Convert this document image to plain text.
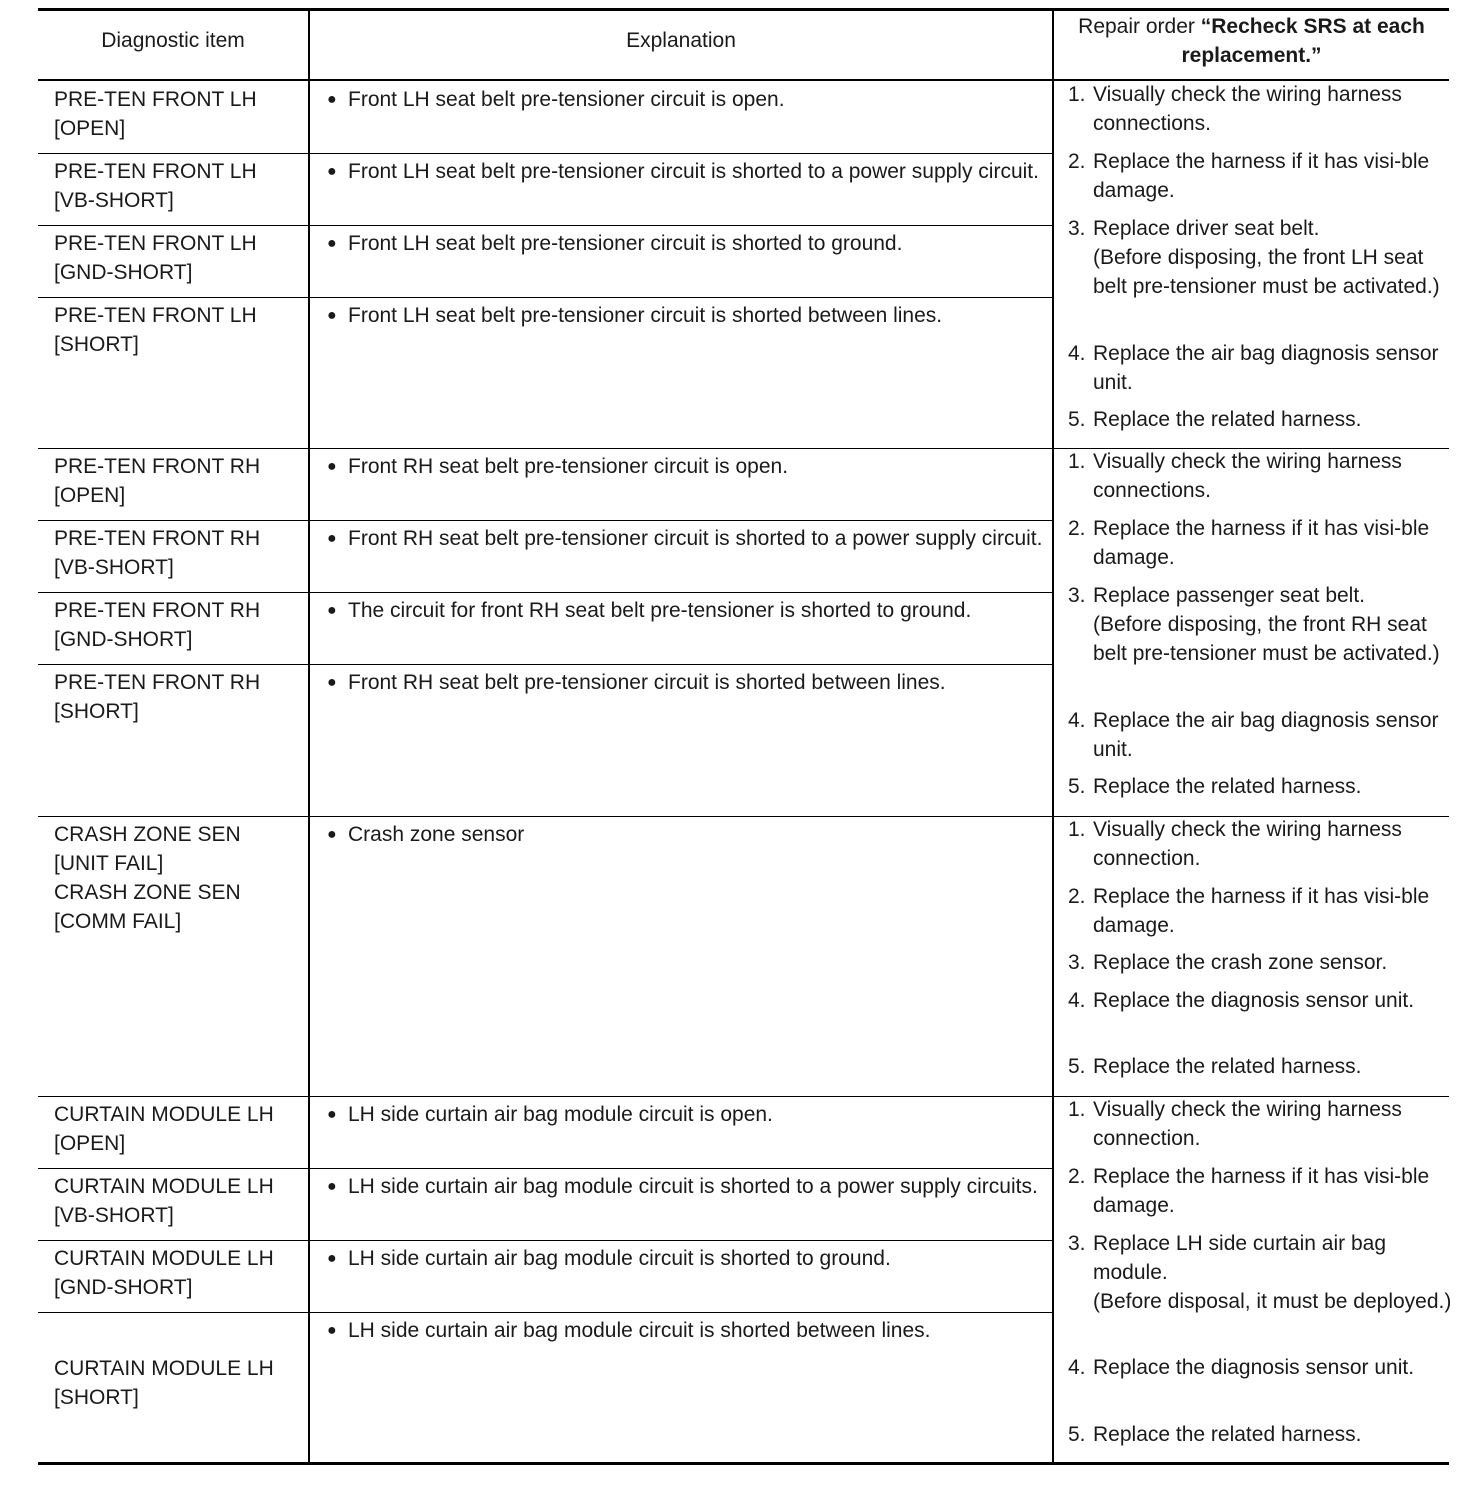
Diagnostic item	Explanation
Repair order “Recheck SRS at each replacement.”
PRE-TEN FRONT LH
[OPEN]
● Front LH seat belt pre-tensioner circuit is open.
PRE-TEN FRONT LH
[VB-SHORT]
● Front LH seat belt pre-tensioner circuit is shorted to a power supply circuit.
PRE-TEN FRONT LH
[GND-SHORT]
● Front LH seat belt pre-tensioner circuit is shorted to ground.
PRE-TEN FRONT LH
[SHORT]
● Front LH seat belt pre-tensioner circuit is shorted between lines.
1. Visually check the wiring harness connections.
2. Replace the harness if it has visi-ble damage.
3. Replace driver seat belt.
(Before disposing, the front LH seat belt pre-tensioner must be activated.)
4. Replace the air bag diagnosis sensor unit.
5. Replace the related harness.
PRE-TEN FRONT RH
[OPEN]
● Front RH seat belt pre-tensioner circuit is open.
PRE-TEN FRONT RH
[VB-SHORT]
● Front RH seat belt pre-tensioner circuit is shorted to a power supply circuit.
PRE-TEN FRONT RH
[GND-SHORT]
● The circuit for front RH seat belt pre-tensioner is shorted to ground.
PRE-TEN FRONT RH
[SHORT]
● Front RH seat belt pre-tensioner circuit is shorted between lines.
1. Visually check the wiring harness connections.
2. Replace the harness if it has visi-ble damage.
3. Replace passenger seat belt.
(Before disposing, the front RH seat belt pre-tensioner must be activated.)
4. Replace the air bag diagnosis sensor unit.
5. Replace the related harness.
CRASH ZONE SEN
[UNIT FAIL]
CRASH ZONE SEN
[COMM FAIL]
● Crash zone sensor	1. Visually check the wiring harness connection.
2. Replace the harness if it has visi-ble damage.
3. Replace the crash zone sensor.
4. Replace the diagnosis sensor unit.
5. Replace the related harness.
CURTAIN MODULE LH
[OPEN]
● LH side curtain air bag module circuit is open.
CURTAIN MODULE LH
[VB-SHORT]
● LH side curtain air bag module circuit is shorted to a power supply circuits.
CURTAIN MODULE LH
[GND-SHORT]
● LH side curtain air bag module circuit is shorted to ground.
CURTAIN MODULE LH
[SHORT]
● LH side curtain air bag module circuit is shorted between lines.
1. Visually check the wiring harness connection.
2. Replace the harness if it has visi-ble damage.
3. Replace LH side curtain air bag module.
(Before disposal, it must be deployed.)
4. Replace the diagnosis sensor unit.
5. Replace the related harness.
